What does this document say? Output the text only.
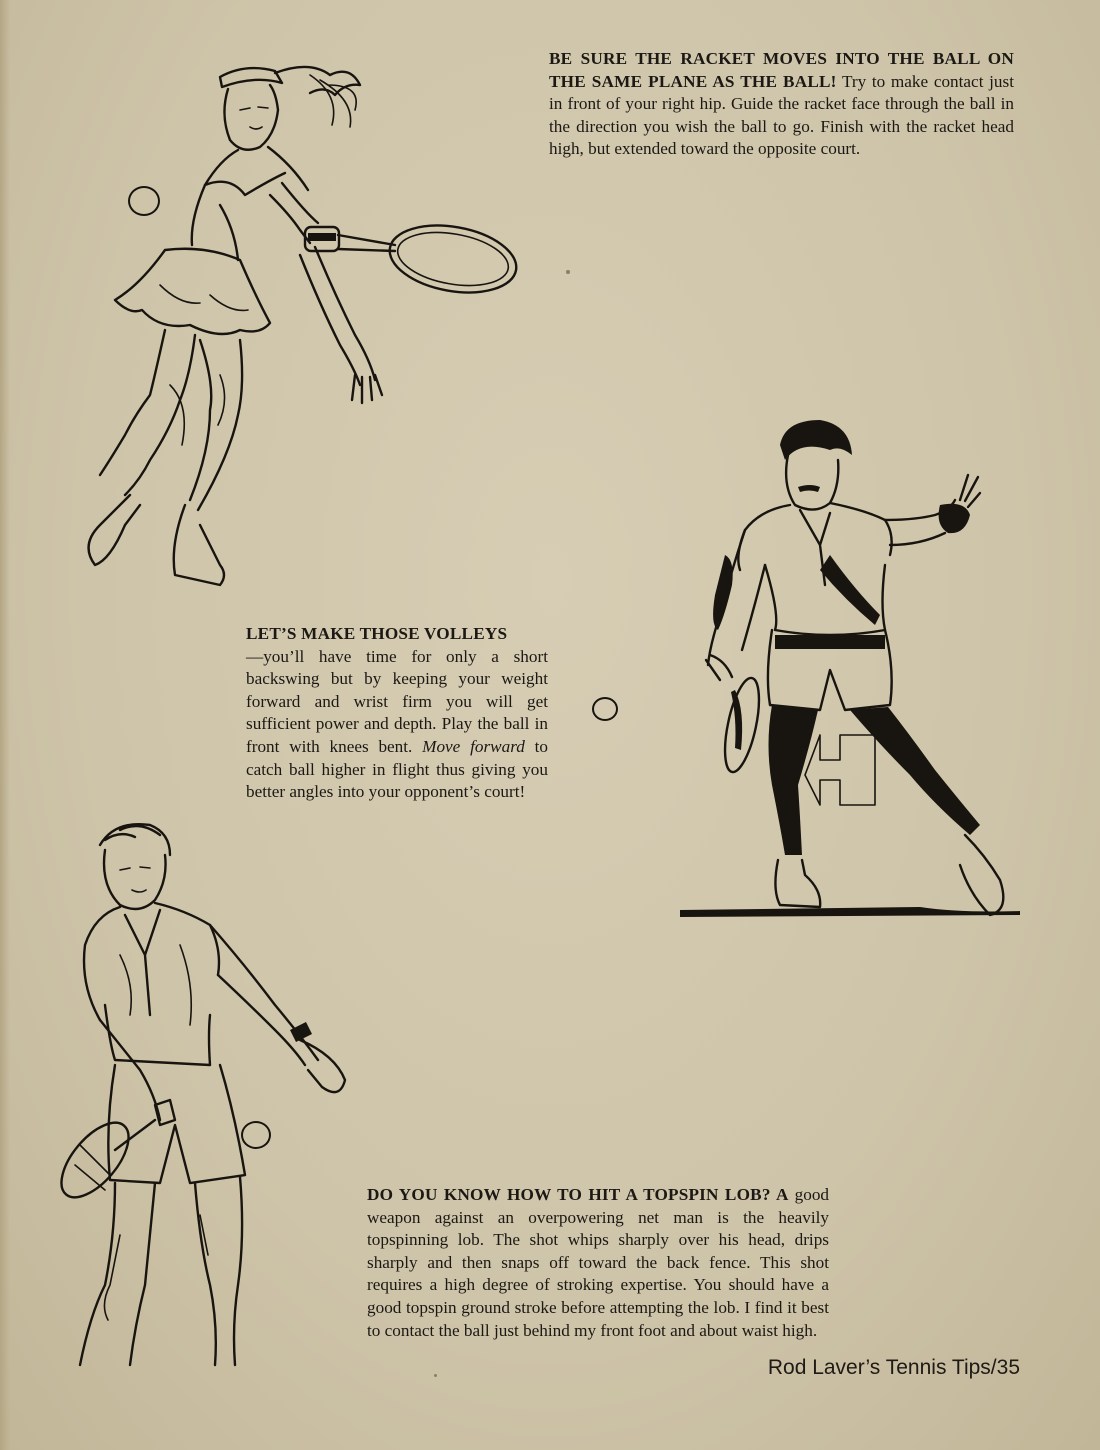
BE SURE THE RACKET MOVES INTO THE BALL ON THE SAME PLANE AS THE BALL! Try to make contact just in front of your right hip. Guide the racket face through the ball in the direction you wish the ball to go. Finish with the racket head high, but extended toward the opposite court.
LET’S MAKE THOSE VOLLEYS
—you’ll have time for only a short backswing but by keeping your weight forward and wrist firm you will get sufficient power and depth. Play the ball in front with knees bent. Move forward to catch ball higher in flight thus giving you better angles into your opponent’s court!
DO YOU KNOW HOW TO HIT A TOPSPIN LOB? A good weapon against an overpowering net man is the heavily topspinning lob. The shot whips sharply over his head, drips sharply and then snaps off toward the back fence. This shot requires a high degree of stroking expertise. You should have a good topspin ground stroke before attempting the lob. I find it best to contact the ball just behind my front foot and about waist high.
Rod Laver’s Tennis Tips/35
